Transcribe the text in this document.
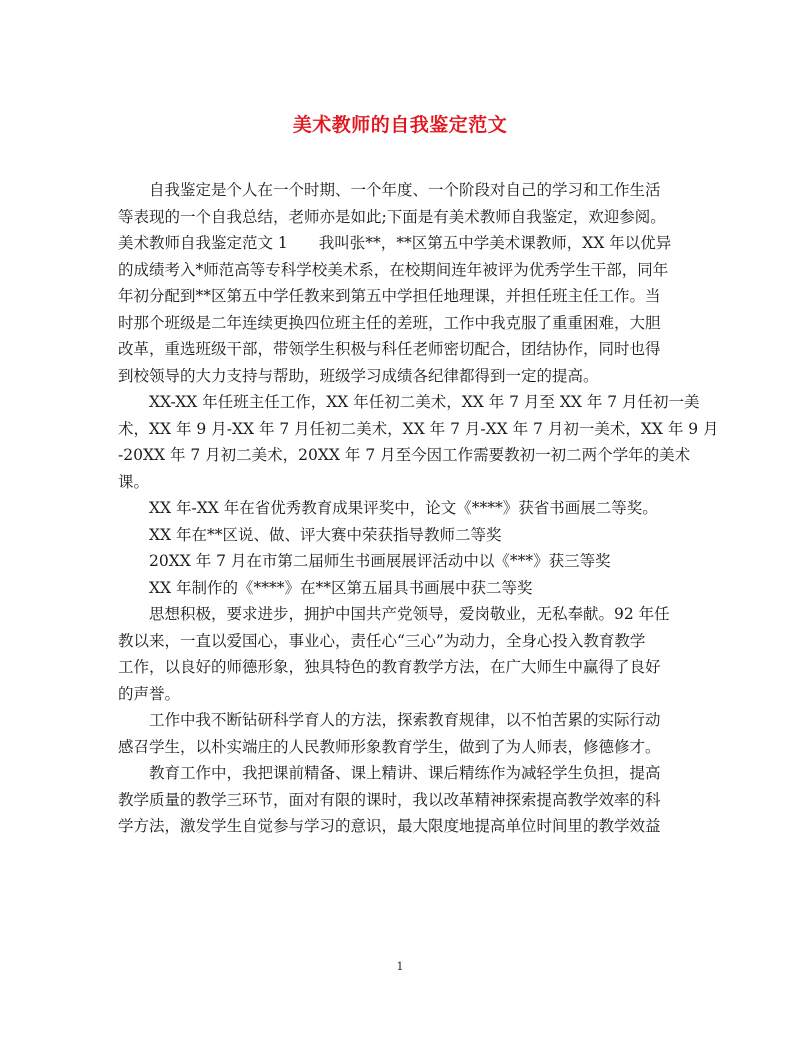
美术教师的自我鉴定范文
自我鉴定是个人在一个时期、一个年度、一个阶段对自己的学习和工作生活
等表现的一个自我总结，老师亦是如此;下面是有美术教师自我鉴定，欢迎参阅。
美术教师自我鉴定范文 1　　我叫张**，**区第五中学美术课教师，XX 年以优异
的成绩考入*师范高等专科学校美术系，在校期间连年被评为优秀学生干部，同年
年初分配到**区第五中学任教来到第五中学担任地理课，并担任班主任工作。当
时那个班级是二年连续更换四位班主任的差班，工作中我克服了重重困难，大胆
改革，重选班级干部，带领学生积极与科任老师密切配合，团结协作，同时也得
到校领导的大力支持与帮助，班级学习成绩各纪律都得到一定的提高。
XX-XX 年任班主任工作，XX 年任初二美术，XX 年 7 月至 XX 年 7 月任初一美
术，XX 年 9 月-XX 年 7 月任初二美术，XX 年 7 月-XX 年 7 月初一美术，XX 年 9 月
-20XX 年 7 月初二美术，20XX 年 7 月至今因工作需要教初一初二两个学年的美术
课。
XX 年-XX 年在省优秀教育成果评奖中，论文《****》获省书画展二等奖。
XX 年在**区说、做、评大赛中荣获指导教师二等奖
20XX 年 7 月在市第二届师生书画展展评活动中以《***》获三等奖
XX 年制作的《****》在**区第五届具书画展中获二等奖
思想积极，要求进步，拥护中国共产党领导，爱岗敬业，无私奉献。92 年任
教以来，一直以爱国心，事业心，责任心“三心”为动力，全身心投入教育教学
工作，以良好的师德形象，独具特色的教育教学方法，在广大师生中赢得了良好
的声誉。
工作中我不断钻研科学育人的方法，探索教育规律，以不怕苦累的实际行动
感召学生，以朴实端庄的人民教师形象教育学生，做到了为人师表，修德修才。
教育工作中，我把课前精备、课上精讲、课后精练作为减轻学生负担，提高
教学质量的教学三环节，面对有限的课时，我以改革精神探索提高教学效率的科
学方法，激发学生自觉参与学习的意识，最大限度地提高单位时间里的教学效益
1
